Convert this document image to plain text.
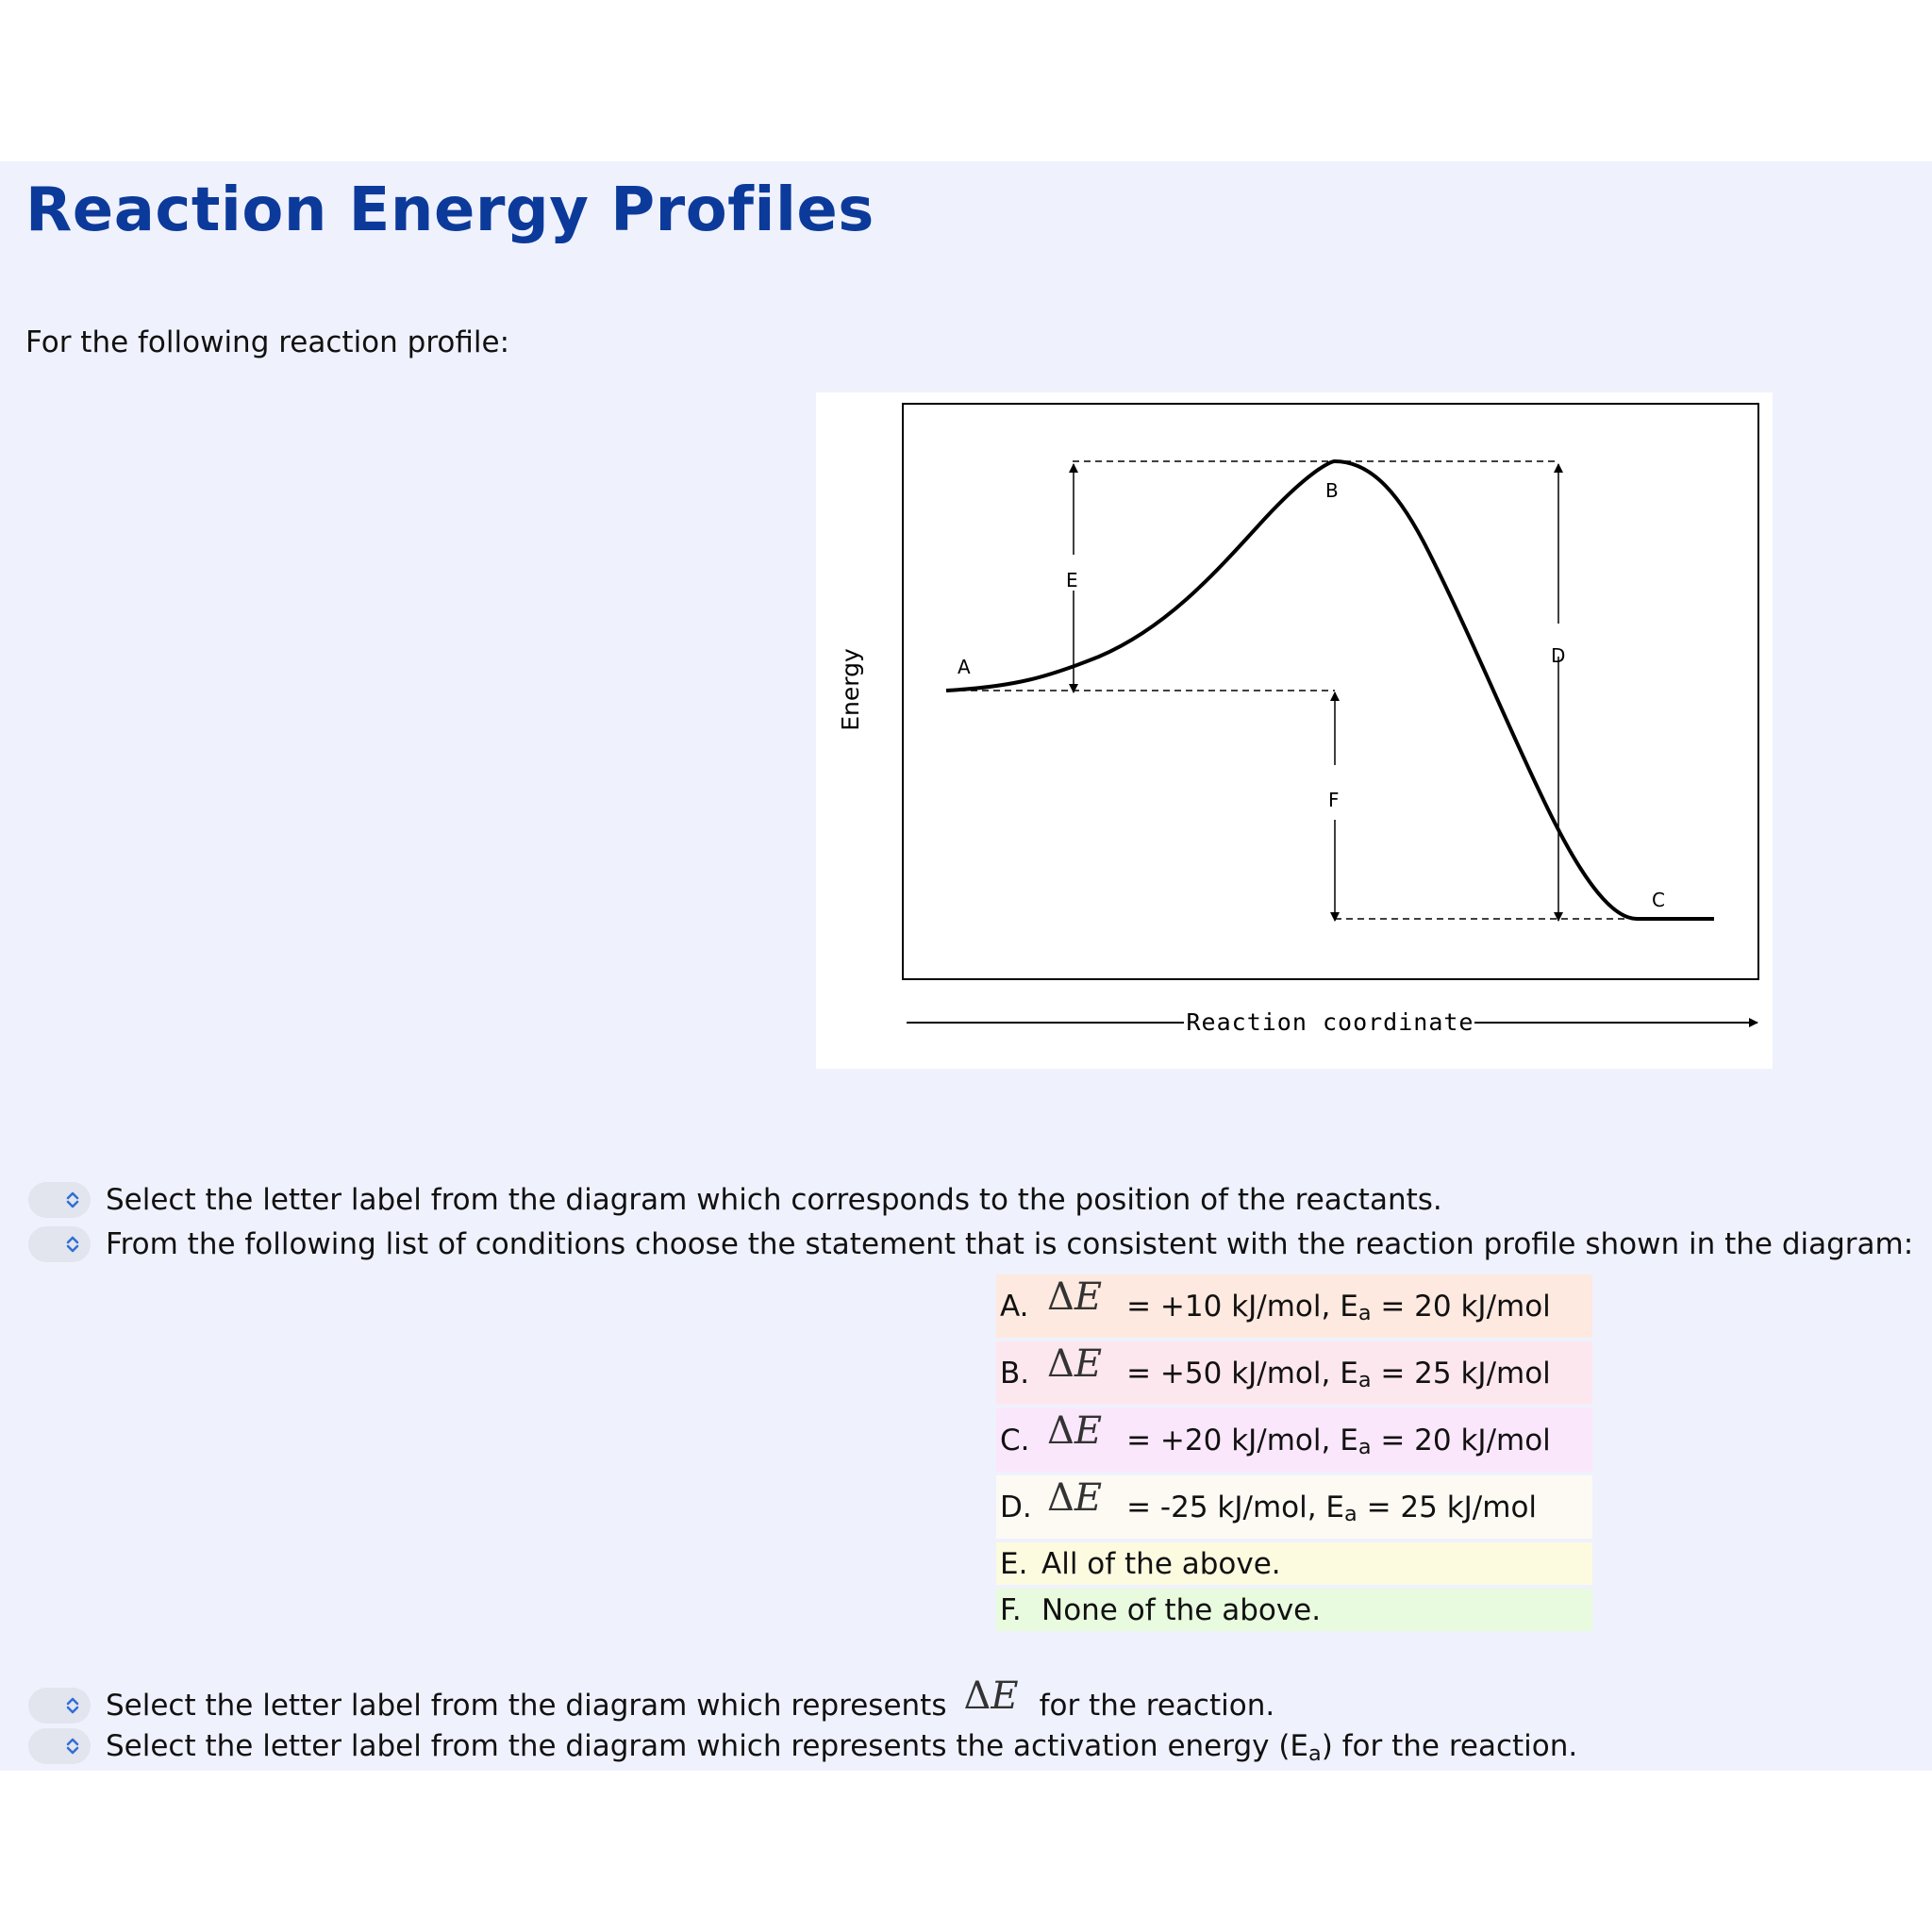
Reaction Energy Profiles
For the following reaction profile:
A
B
C
D
E
F
Energy
Reaction coordinate
Select the letter label from the diagram which corresponds to the position of the reactants.
From the following list of conditions choose the statement that is consistent with the reaction profile shown in the diagram:
A. ΔE = +10 kJ/mol, $E_a = 20$ kJ/mol
B. ΔE = +50 kJ/mol, $E_a = 25$ kJ/mol
C. ΔE = +20 kJ/mol, $E_a = 20$ kJ/mol
D. ΔE = -25 kJ/mol, $E_a = 25$ kJ/mol
E. All of the above.
F. None of the above.
Select the letter label from the diagram which represents ΔE for the reaction.
Select the letter label from the diagram which represents the activation energy ($E_a$ ) for the reaction.
